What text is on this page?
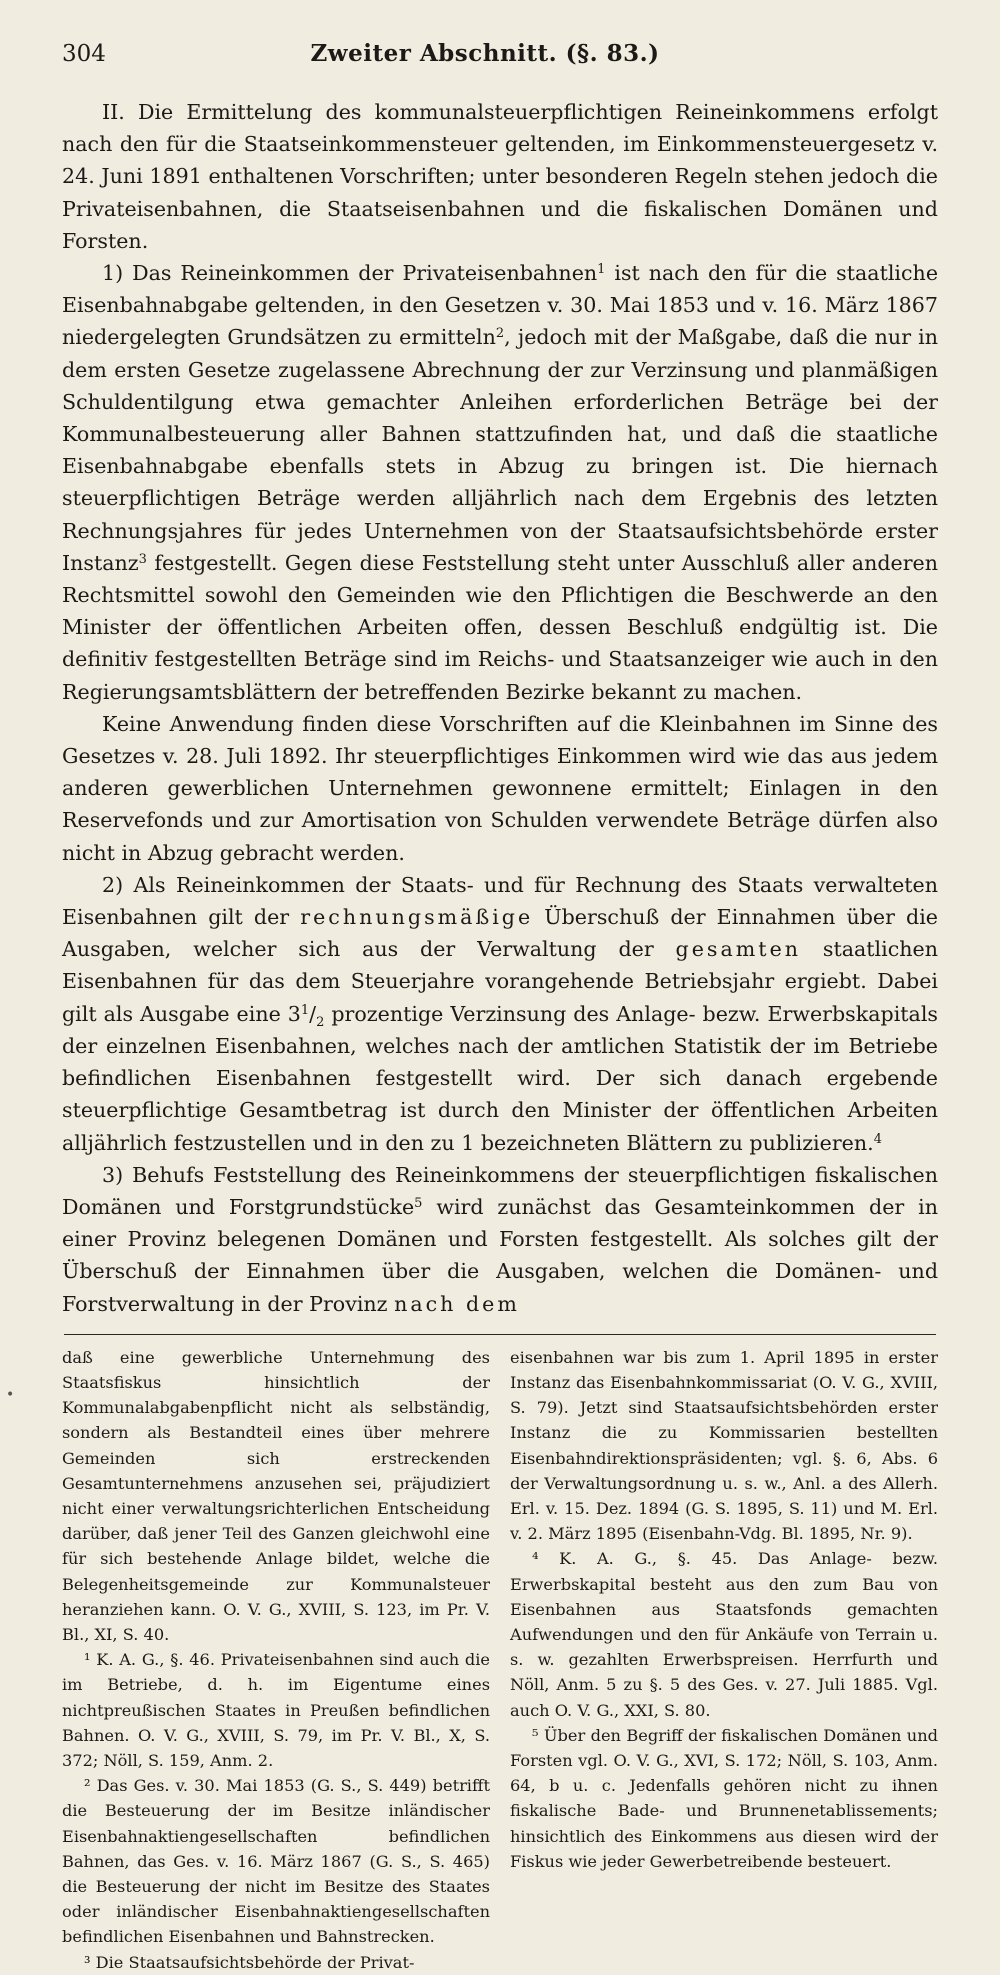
304	Zweiter Abschnitt. (§. 83.)

II. Die Ermittelung des kommunalsteuerpflichtigen Reineinkommens erfolgt nach den für die Staatseinkommensteuer geltenden, im Einkommensteuergesetz v. 24. Juni 1891 enthaltenen Vorschriften; unter besonderen Regeln stehen jedoch die Privateisenbahnen, die Staatseisenbahnen und die fiskalischen Domänen und Forsten.

1) Das Reineinkommen der Privateisenbahnen$^1$ ist nach den für die staatliche Eisenbahnabgabe geltenden, in den Gesetzen v. 30. Mai 1853 und v. 16. März 1867 niedergelegten Grundsätzen zu ermitteln$^2$, jedoch mit der Maßgabe, daß die nur in dem ersten Gesetze zugelassene Abrechnung der zur Verzinsung und planmäßigen Schuldentilgung etwa gemachter Anleihen erforderlichen Beträge bei der Kommunalbesteuerung aller Bahnen stattzufinden hat, und daß die staatliche Eisenbahnabgabe ebenfalls stets in Abzug zu bringen ist. Die hiernach steuerpflichtigen Beträge werden alljährlich nach dem Ergebnis des letzten Rechnungsjahres für jedes Unternehmen von der Staatsaufsichtsbehörde erster Instanz$^3$ festgestellt. Gegen diese Feststellung steht unter Ausschluß aller anderen Rechtsmittel sowohl den Gemeinden wie den Pflichtigen die Beschwerde an den Minister der öffentlichen Arbeiten offen, dessen Beschluß endgültig ist. Die definitiv festgestellten Beträge sind im Reichs- und Staatsanzeiger wie auch in den Regierungsamtsblättern der betreffenden Bezirke bekannt zu machen.

Keine Anwendung finden diese Vorschriften auf die Kleinbahnen im Sinne des Gesetzes v. 28. Juli 1892. Ihr steuerpflichtiges Einkommen wird wie das aus jedem anderen gewerblichen Unternehmen gewonnene ermittelt; Einlagen in den Reservefonds und zur Amortisation von Schulden verwendete Beträge dürfen also nicht in Abzug gebracht werden.

2) Als Reineinkommen der Staats- und für Rechnung des Staats verwalteten Eisenbahnen gilt der rechnungsmäßige Überschuß der Einnahmen über die Ausgaben, welcher sich aus der Verwaltung der gesamten staatlichen Eisenbahnen für das dem Steuerjahre vorangehende Betriebsjahr ergiebt. Dabei gilt als Ausgabe eine $3^1/_2$ prozentige Verzinsung des Anlage- bezw. Erwerbskapitals der einzelnen Eisenbahnen, welches nach der amtlichen Statistik der im Betriebe befindlichen Eisenbahnen festgestellt wird. Der sich danach ergebende steuerpflichtige Gesamtbetrag ist durch den Minister der öffentlichen Arbeiten alljährlich festzustellen und in den zu 1 bezeichneten Blättern zu publizieren.$^4$

3) Behufs Feststellung des Reineinkommens der steuerpflichtigen fiskalischen Domänen und Forstgrundstücke$^5$ wird zunächst das Gesamteinkommen der in einer Provinz belegenen Domänen und Forsten festgestellt. Als solches gilt der Überschuß der Einnahmen über die Ausgaben, welchen die Domänen- und Forstverwaltung in der Provinz nach dem

daß eine gewerbliche Unternehmung des Staatsfiskus hinsichtlich der Kommunalabgabenpflicht nicht als selbständig, sondern als Bestandteil eines über mehrere Gemeinden sich erstreckenden Gesamtunternehmens anzusehen sei, präjudiziert nicht einer verwaltungsrichterlichen Entscheidung darüber, daß jener Teil des Ganzen gleichwohl eine für sich bestehende Anlage bildet, welche die Belegenheitsgemeinde zur Kommunalsteuer heranziehen kann. O. V. G., XVIII, S. 123, im Pr. V. Bl., XI, S. 40.

¹ K. A. G., §. 46. Privateisenbahnen sind auch die im Betriebe, d. h. im Eigentume eines nichtpreußischen Staates in Preußen befindlichen Bahnen. O. V. G., XVIII, S. 79, im Pr. V. Bl., X, S. 372; Nöll, S. 159, Anm. 2.

² Das Ges. v. 30. Mai 1853 (G. S., S. 449) betrifft die Besteuerung der im Besitze inländischer Eisenbahnaktiengesellschaften befindlichen Bahnen, das Ges. v. 16. März 1867 (G. S., S. 465) die Besteuerung der nicht im Besitze des Staates oder inländischer Eisenbahnaktiengesellschaften befindlichen Eisenbahnen und Bahnstrecken.

³ Die Staatsaufsichtsbehörde der Privat-

eisenbahnen war bis zum 1. April 1895 in erster Instanz das Eisenbahnkommissariat (O. V. G., XVIII, S. 79). Jetzt sind Staatsaufsichtsbehörden erster Instanz die zu Kommissarien bestellten Eisenbahndirektionspräsidenten; vgl. §. 6, Abs. 6 der Verwaltungsordnung u. s. w., Anl. a des Allerh. Erl. v. 15. Dez. 1894 (G. S. 1895, S. 11) und M. Erl. v. 2. März 1895 (Eisenbahn-Vdg. Bl. 1895, Nr. 9).

⁴ K. A. G., §. 45. Das Anlage- bezw. Erwerbskapital besteht aus den zum Bau von Eisenbahnen aus Staatsfonds gemachten Aufwendungen und den für Ankäufe von Terrain u. s. w. gezahlten Erwerbspreisen. Herrfurth und Nöll, Anm. 5 zu §. 5 des Ges. v. 27. Juli 1885. Vgl. auch O. V. G., XXI, S. 80.

⁵ Über den Begriff der fiskalischen Domänen und Forsten vgl. O. V. G., XVI, S. 172; Nöll, S. 103, Anm. 64, b u. c. Jedenfalls gehören nicht zu ihnen fiskalische Bade- und Brunnenetablissements; hinsichtlich des Einkommens aus diesen wird der Fiskus wie jeder Gewerbetreibende besteuert.

•
